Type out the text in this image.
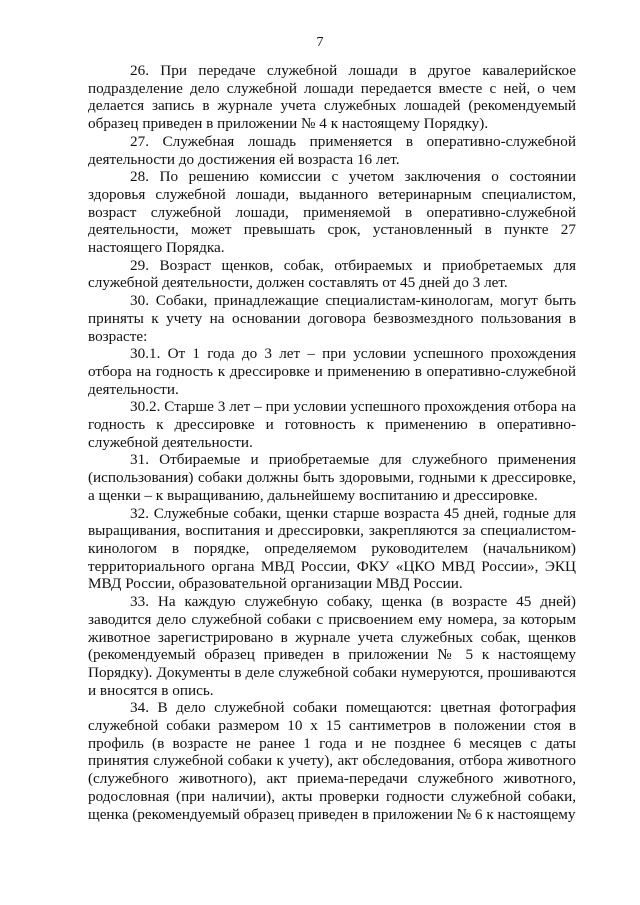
7

26. При передаче служебной лошади в другое кавалерийское подразделение дело служебной лошади передается вместе с ней, о чем делается запись в журнале учета служебных лошадей (рекомендуемый образец приведен в приложении № 4 к настоящему Порядку).

27. Служебная лошадь применяется в оперативно-служебной деятельности до достижения ей возраста 16 лет.

28. По решению комиссии с учетом заключения о состоянии здоровья служебной лошади, выданного ветеринарным специалистом, возраст служебной лошади, применяемой в оперативно-служебной деятельности, может превышать срок, установленный в пункте 27 настоящего Порядка.

29. Возраст щенков, собак, отбираемых и приобретаемых для служебной деятельности, должен составлять от 45 дней до 3 лет.

30. Собаки, принадлежащие специалистам-кинологам, могут быть приняты к учету на основании договора безвозмездного пользования в возрасте:

30.1. От 1 года до 3 лет – при условии успешного прохождения отбора на годность к дрессировке и применению в оперативно-служебной деятельности.

30.2. Старше 3 лет – при условии успешного прохождения отбора на годность к дрессировке и готовность к применению в оперативно-служебной деятельности.

31. Отбираемые и приобретаемые для служебного применения (использования) собаки должны быть здоровыми, годными к дрессировке, а щенки – к выращиванию, дальнейшему воспитанию и дрессировке.

32. Служебные собаки, щенки старше возраста 45 дней, годные для выращивания, воспитания и дрессировки, закрепляются за специалистом-кинологом в порядке, определяемом руководителем (начальником) территориального органа МВД России, ФКУ «ЦКО МВД России», ЭКЦ МВД России, образовательной организации МВД России.

33. На каждую служебную собаку, щенка (в возрасте 45 дней) заводится дело служебной собаки с присвоением ему номера, за которым животное зарегистрировано в журнале учета служебных собак, щенков (рекомендуемый образец приведен в приложении № 5 к настоящему Порядку). Документы в деле служебной собаки нумеруются, прошиваются и вносятся в опись.

34. В дело служебной собаки помещаются: цветная фотография служебной собаки размером 10 x 15 сантиметров в положении стоя в профиль (в возрасте не ранее 1 года и не позднее 6 месяцев с даты принятия служебной собаки к учету), акт обследования, отбора животного (служебного животного), акт приема-передачи служебного животного, родословная (при наличии), акты проверки годности служебной собаки, щенка (рекомендуемый образец приведен в приложении № 6 к настоящему
